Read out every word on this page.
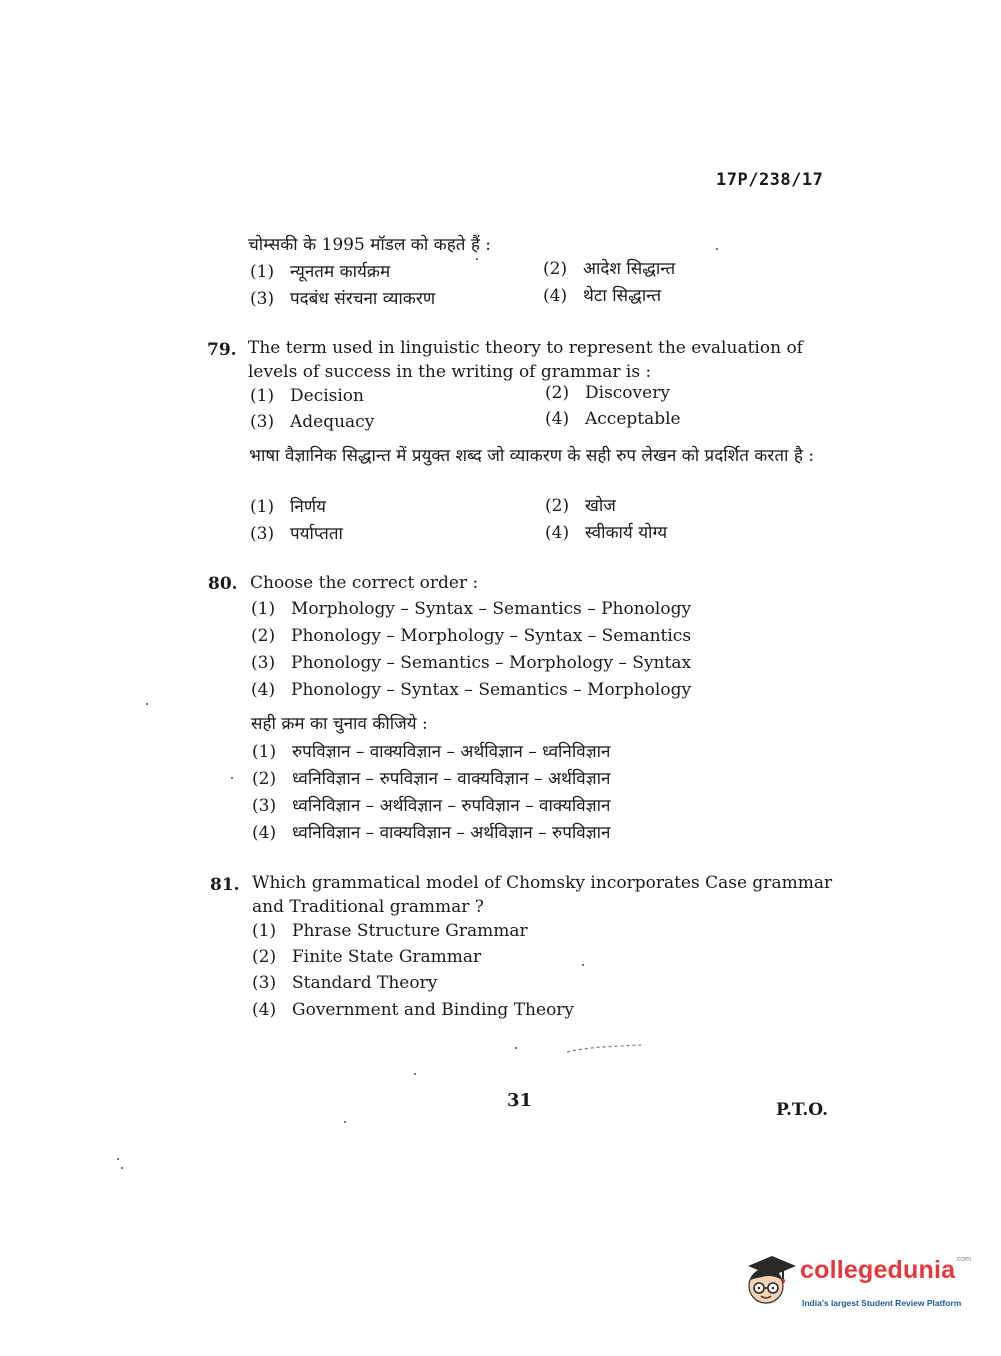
17P/238/17
चोम्सकी के 1995 मॉडल को कहते हैं :
(1) न्यूनतम कार्यक्रम	(2) आदेश सिद्धान्त
(3) पदबंध संरचना व्याकरण	(4) थेटा सिद्धान्त
79. The term used in linguistic theory to represent the evaluation of levels of success in the writing of grammar is :
(1) Decision	(2) Discovery
(3) Adequacy	(4) Acceptable
भाषा वैज्ञानिक सिद्धान्त में प्रयुक्त शब्द जो व्याकरण के सही रुप लेखन को प्रदर्शित करता है :
(1) निर्णय	(2) खोज
(3) पर्याप्तता	(4) स्वीकार्य योग्य
80. Choose the correct order :
(1) Morphology – Syntax – Semantics – Phonology
(2) Phonology – Morphology – Syntax – Semantics
(3) Phonology – Semantics – Morphology – Syntax
(4) Phonology – Syntax – Semantics – Morphology
सही क्रम का चुनाव कीजिये :
(1) रुपविज्ञान – वाक्यविज्ञान – अर्थविज्ञान – ध्वनिविज्ञान
(2) ध्वनिविज्ञान – रुपविज्ञान – वाक्यविज्ञान – अर्थविज्ञान
(3) ध्वनिविज्ञान – अर्थविज्ञान – रुपविज्ञान – वाक्यविज्ञान
(4) ध्वनिविज्ञान – वाक्यविज्ञान – अर्थविज्ञान – रुपविज्ञान
81. Which grammatical model of Chomsky incorporates Case grammar and Traditional grammar ?
(1) Phrase Structure Grammar
(2) Finite State Grammar
(3) Standard Theory
(4) Government and Binding Theory
31	P.T.O.
collegedunia$^{.com}$
India's largest Student Review Platform
